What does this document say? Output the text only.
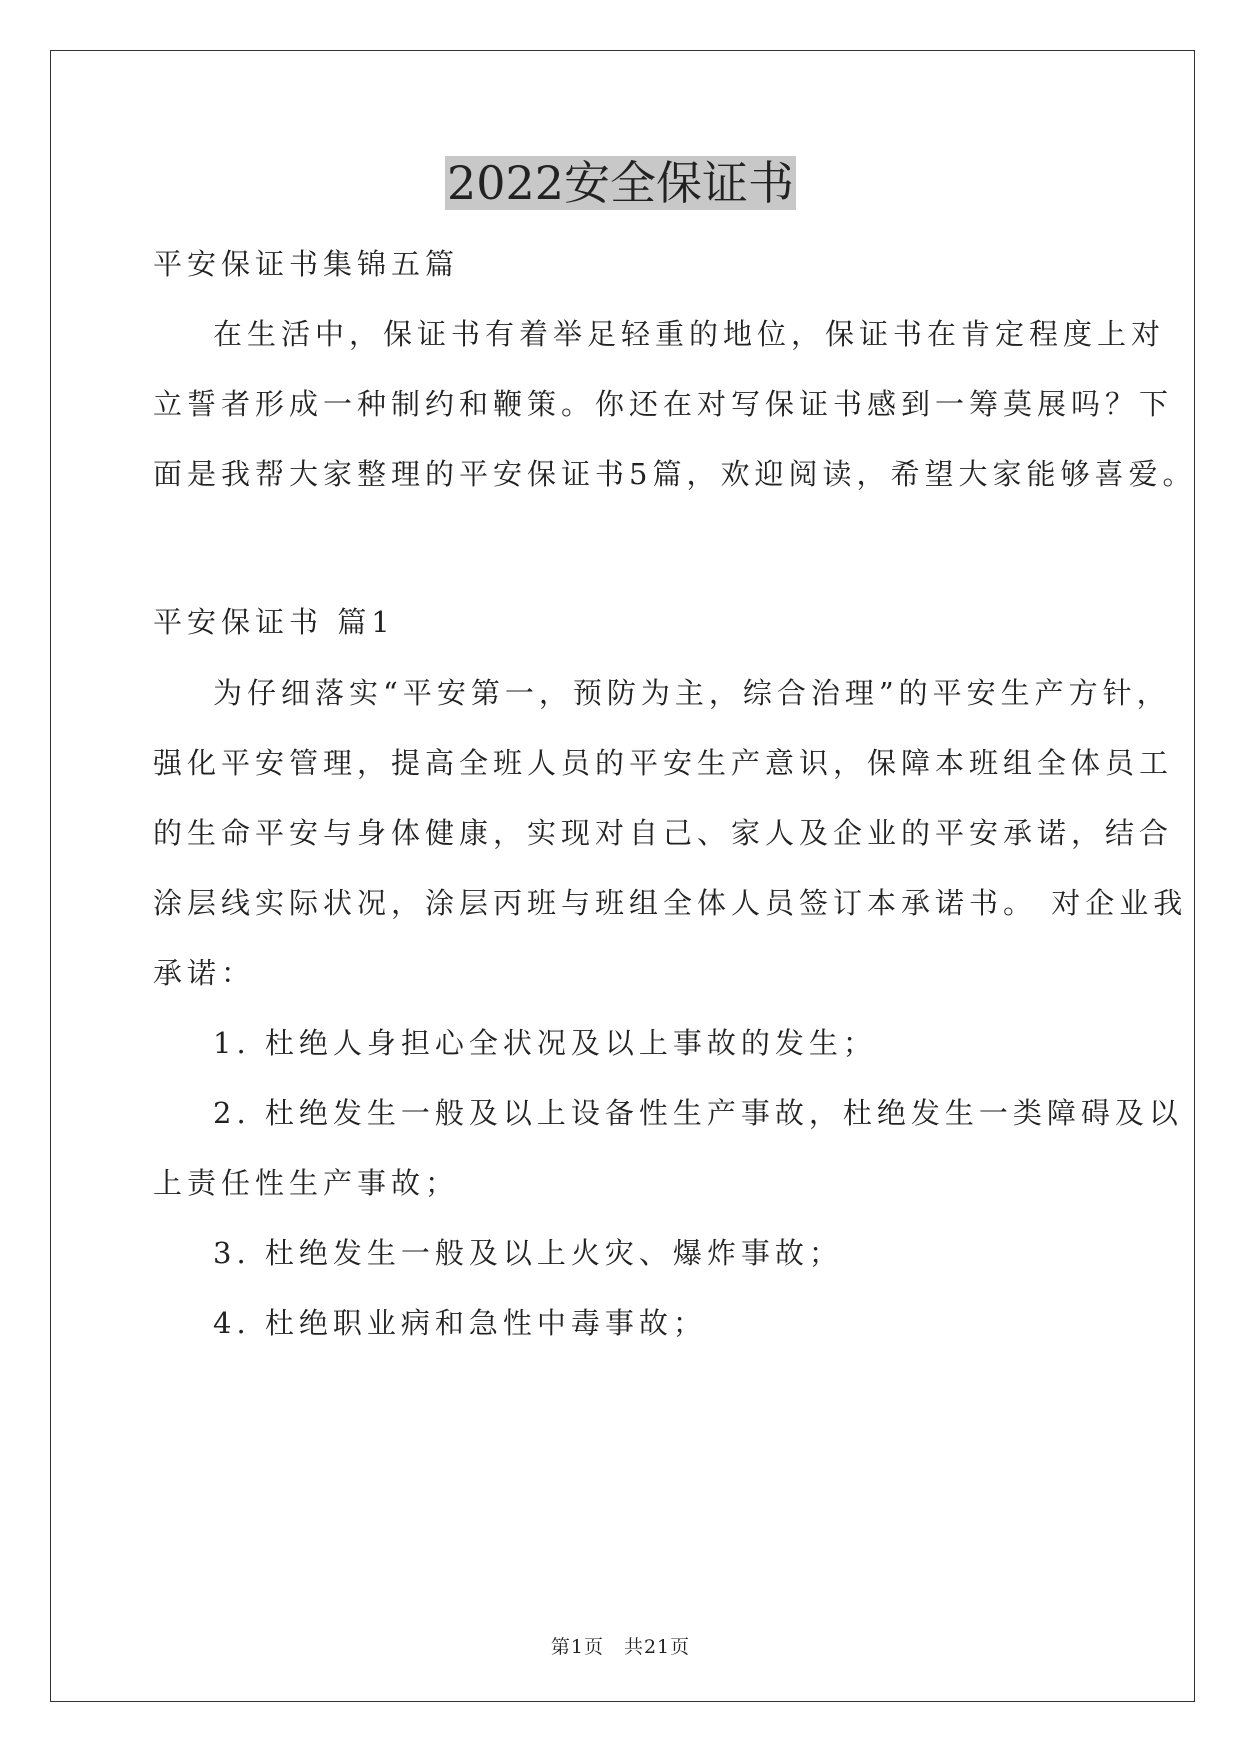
2022安全保证书

平安保证书集锦五篇

在生活中，保证书有着举足轻重的地位，保证书在肯定程度上对

立誓者形成一种制约和鞭策。你还在对写保证书感到一筹莫展吗？下

面是我帮大家整理的平安保证书5篇，欢迎阅读，希望大家能够喜爱。

平安保证书 篇1

为仔细落实“平安第一，预防为主，综合治理”的平安生产方针，

强化平安管理，提高全班人员的平安生产意识，保障本班组全体员工

的生命平安与身体健康，实现对自己、家人及企业的平安承诺，结合

涂层线实际状况，涂层丙班与班组全体人员签订本承诺书。 对企业我

承诺：

1. 杜绝人身担心全状况及以上事故的发生；

2. 杜绝发生一般及以上设备性生产事故，杜绝发生一类障碍及以

上责任性生产事故；

3. 杜绝发生一般及以上火灾、爆炸事故；

4. 杜绝职业病和急性中毒事故；

第1页　共21页
